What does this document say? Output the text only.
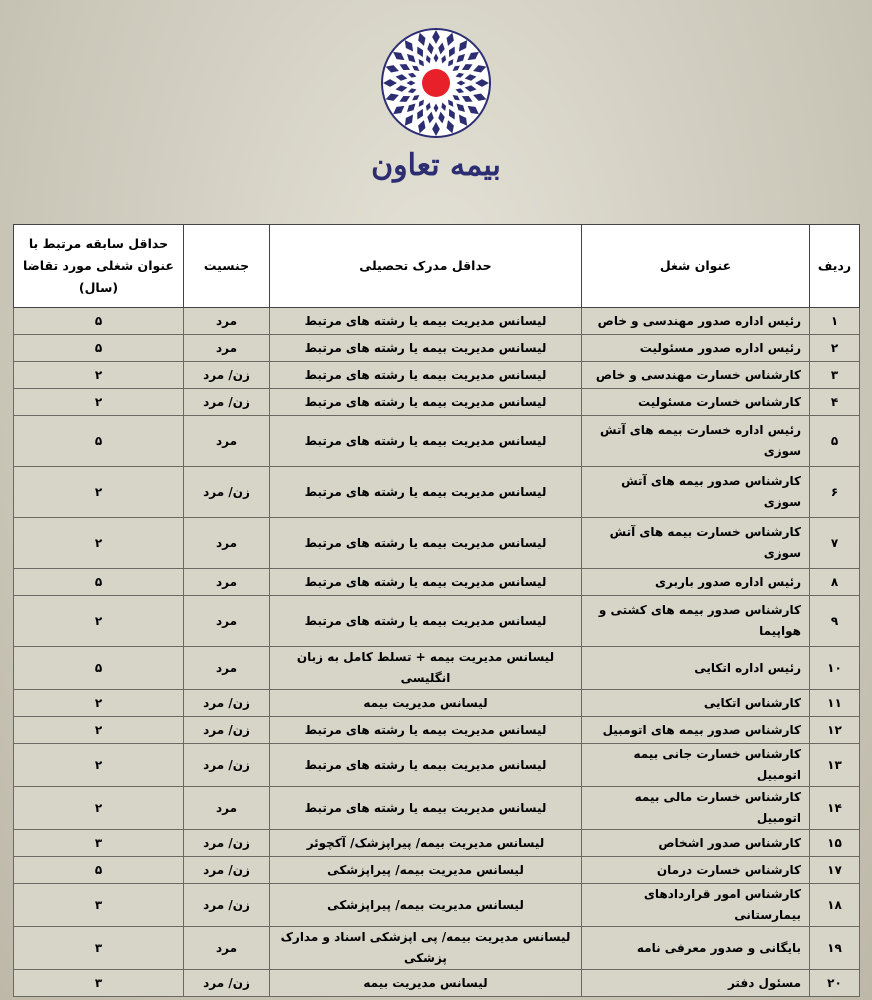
بیمه تعاون
ردیف	عنوان شغل	حداقل مدرک تحصیلی	جنسیت	حداقل سابقه مرتبط با عنوان شغلی مورد تقاضا (سال)
۱	رئیس اداره صدور مهندسی و خاص	لیسانس مدیریت بیمه یا رشته های مرتبط	مرد	۵
۲	رئیس اداره صدور مسئولیت	لیسانس مدیریت بیمه یا رشته های مرتبط	مرد	۵
۳	کارشناس خسارت مهندسی و خاص	لیسانس مدیریت بیمه یا رشته های مرتبط	زن/ مرد	۲
۴	کارشناس خسارت مسئولیت	لیسانس مدیریت بیمه یا رشته های مرتبط	زن/ مرد	۲
۵	رئیس اداره خسارت بیمه های آتش سوزی	لیسانس مدیریت بیمه یا رشته های مرتبط	مرد	۵
۶	کارشناس صدور بیمه های آتش سوزی	لیسانس مدیریت بیمه یا رشته های مرتبط	زن/ مرد	۲
۷	کارشناس خسارت بیمه های آتش سوزی	لیسانس مدیریت بیمه یا رشته های مرتبط	مرد	۲
۸	رئیس اداره صدور باربری	لیسانس مدیریت بیمه یا رشته های مرتبط	مرد	۵
۹	کارشناس صدور بیمه های کشتی و هواپیما	لیسانس مدیریت بیمه یا رشته های مرتبط	مرد	۲
۱۰	رئیس اداره اتکایی	لیسانس مدیریت بیمه + تسلط کامل به زبان انگلیسی	مرد	۵
۱۱	کارشناس اتکایی	لیسانس مدیریت بیمه	زن/ مرد	۲
۱۲	کارشناس صدور بیمه های اتومبیل	لیسانس مدیریت بیمه یا رشته های مرتبط	زن/ مرد	۲
۱۳	کارشناس خسارت جانی بیمه اتومبیل	لیسانس مدیریت بیمه یا رشته های مرتبط	زن/ مرد	۲
۱۴	کارشناس خسارت مالی بیمه اتومبیل	لیسانس مدیریت بیمه یا رشته های مرتبط	مرد	۲
۱۵	کارشناس صدور اشخاص	لیسانس مدیریت بیمه/ پیراپزشک/ آکچوئر	زن/ مرد	۳
۱۷	کارشناس خسارت درمان	لیسانس مدیریت بیمه/ پیراپزشکی	زن/ مرد	۵
۱۸	کارشناس امور قراردادهای بیمارستانی	لیسانس مدیریت بیمه/ پیراپزشکی	زن/ مرد	۳
۱۹	بایگانی و صدور معرفی نامه	لیسانس مدیریت بیمه/ پی اپزشکی اسناد و مدارک پزشکی	مرد	۳
۲۰	مسئول دفتر	لیسانس مدیریت بیمه	زن/ مرد	۳
